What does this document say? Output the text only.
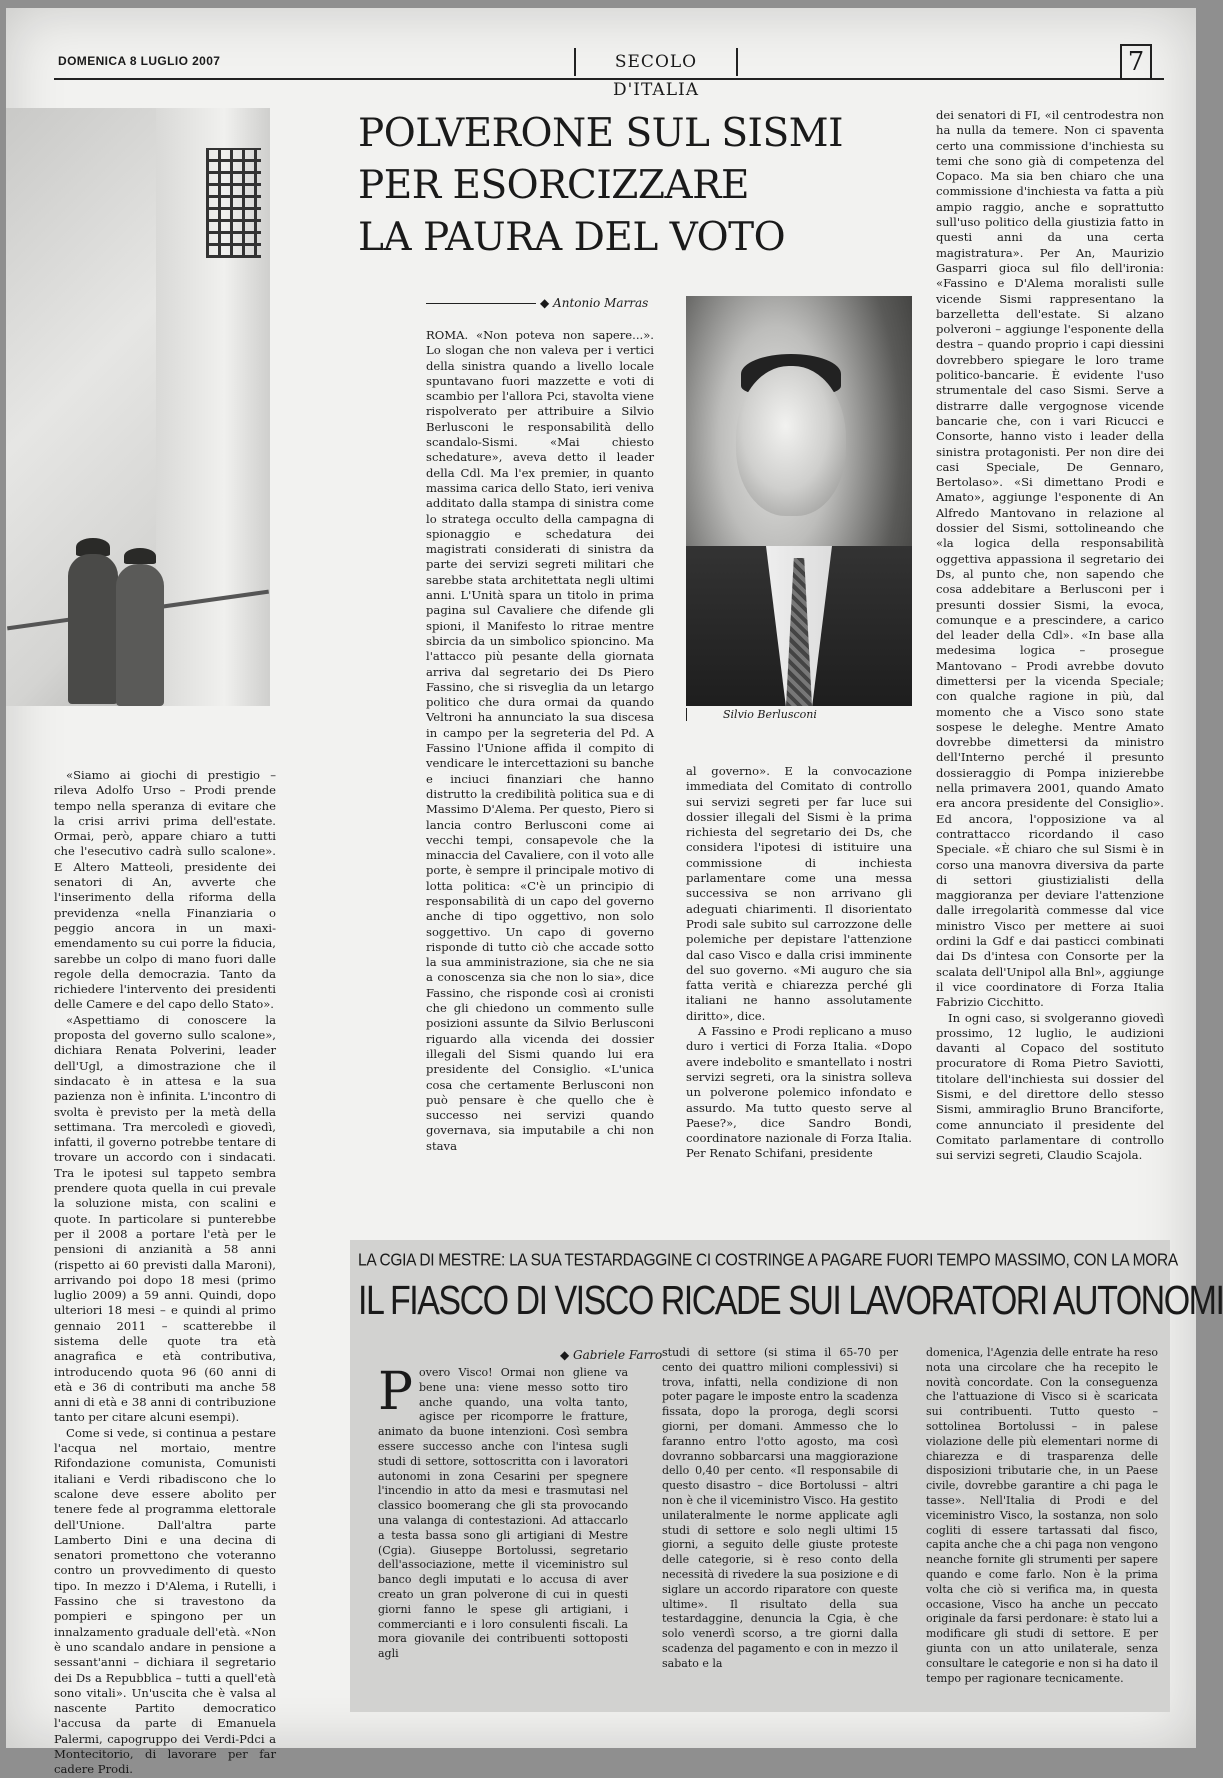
DOMENICA 8 LUGLIO 2007	SECOLO D'ITALIA
7
POLVERONE SUL SISMI
PER ESORCIZZARE
LA PAURA DEL VOTO
◆ Antonio Marras

ROMA. «Non poteva non sapere...». Lo slogan che non valeva per i vertici della sinistra quando a livello locale spuntavano fuori mazzette e voti di scambio per l'allora Pci, stavolta viene rispolverato per attribuire a Silvio Berlusconi le responsabilità dello scandalo-Sismi. «Mai chiesto schedature», aveva detto il leader della Cdl. Ma l'ex premier, in quanto massima carica dello Stato, ieri veniva additato dalla stampa di sinistra come lo stratega occulto della campagna di spionaggio e schedatura dei magistrati considerati di sinistra da parte dei servizi segreti militari che sarebbe stata architettata negli ultimi anni. L'Unità spara un titolo in prima pagina sul Cavaliere che difende gli spioni, il Manifesto lo ritrae mentre sbircia da un simbolico spioncino. Ma l'attacco più pesante della giornata arriva dal segretario dei Ds Piero Fassino, che si risveglia da un letargo politico che dura ormai da quando Veltroni ha annunciato la sua discesa in campo per la segreteria del Pd. A Fassino l'Unione affida il compito di vendicare le intercettazioni su banche e inciuci finanziari che hanno distrutto la credibilità politica sua e di Massimo D'Alema. Per questo, Piero si lancia contro Berlusconi come ai vecchi tempi, consapevole che la minaccia del Cavaliere, con il voto alle porte, è sempre il principale motivo di lotta politica: «C'è un principio di responsabilità di un capo del governo anche di tipo oggettivo, non solo soggettivo. Un capo di governo risponde di tutto ciò che accade sotto la sua amministrazione, sia che ne sia a conoscenza sia che non lo sia», dice Fassino, che risponde così ai cronisti che gli chiedono un commento sulle posizioni assunte da Silvio Berlusconi riguardo alla vicenda dei dossier illegali del Sismi quando lui era presidente del Consiglio. «L'unica cosa che certamente Berlusconi non può pensare è che quello che è successo nei servizi quando governava, sia imputabile a chi non stava

Silvio Berlusconi

al governo». E la convocazione immediata del Comitato di controllo sui servizi segreti per far luce sui dossier illegali del Sismi è la prima richiesta del segretario dei Ds, che considera l'ipotesi di istituire una commissione di inchiesta parlamentare come una messa successiva se non arrivano gli adeguati chiarimenti. Il disorientato Prodi sale subito sul carrozzone delle polemiche per depistare l'attenzione dal caso Visco e dalla crisi imminente del suo governo. «Mi auguro che sia fatta verità e chiarezza perché gli italiani ne hanno assolutamente diritto», dice.

A Fassino e Prodi replicano a muso duro i vertici di Forza Italia. «Dopo avere indebolito e smantellato i nostri servizi segreti, ora la sinistra solleva un polverone polemico infondato e assurdo. Ma tutto questo serve al Paese?», dice Sandro Bondi, coordinatore nazionale di Forza Italia. Per Renato Schifani, presidente

dei senatori di FI, «il centrodestra non ha nulla da temere. Non ci spaventa certo una commissione d'inchiesta su temi che sono già di competenza del Copaco. Ma sia ben chiaro che una commissione d'inchiesta va fatta a più ampio raggio, anche e soprattutto sull'uso politico della giustizia fatto in questi anni da una certa magistratura». Per An, Maurizio Gasparri gioca sul filo dell'ironia: «Fassino e D'Alema moralisti sulle vicende Sismi rappresentano la barzelletta dell'estate. Si alzano polveroni – aggiunge l'esponente della destra – quando proprio i capi diessini dovrebbero spiegare le loro trame politico-bancarie. È evidente l'uso strumentale del caso Sismi. Serve a distrarre dalle vergognose vicende bancarie che, con i vari Ricucci e Consorte, hanno visto i leader della sinistra protagonisti. Per non dire dei casi Speciale, De Gennaro, Bertolaso». «Si dimettano Prodi e Amato», aggiunge l'esponente di An Alfredo Mantovano in relazione al dossier del Sismi, sottolineando che «la logica della responsabilità oggettiva appassiona il segretario dei Ds, al punto che, non sapendo che cosa addebitare a Berlusconi per i presunti dossier Sismi, la evoca, comunque e a prescindere, a carico del leader della Cdl». «In base alla medesima logica – prosegue Mantovano – Prodi avrebbe dovuto dimettersi per la vicenda Speciale; con qualche ragione in più, dal momento che a Visco sono state sospese le deleghe. Mentre Amato dovrebbe dimettersi da ministro dell'Interno perché il presunto dossieraggio di Pompa inizierebbe nella primavera 2001, quando Amato era ancora presidente del Consiglio». Ed ancora, l'opposizione va al contrattacco ricordando il caso Speciale. «È chiaro che sul Sismi è in corso una manovra diversiva da parte di settori giustizialisti della maggioranza per deviare l'attenzione dalle irregolarità commesse dal vice ministro Visco per mettere ai suoi ordini la Gdf e dai pasticci combinati dai Ds d'intesa con Consorte per la scalata dell'Unipol alla Bnl», aggiunge il vice coordinatore di Forza Italia Fabrizio Cicchitto.

In ogni caso, si svolgeranno giovedì prossimo, 12 luglio, le audizioni davanti al Copaco del sostituto procuratore di Roma Pietro Saviotti, titolare dell'inchiesta sui dossier del Sismi, e del direttore dello stesso Sismi, ammiraglio Bruno Branciforte, come annunciato il presidente del Comitato parlamentare di controllo sui servizi segreti, Claudio Scajola.

«Siamo ai giochi di prestigio – rileva Adolfo Urso – Prodi prende tempo nella speranza di evitare che la crisi arrivi prima dell'estate. Ormai, però, appare chiaro a tutti che l'esecutivo cadrà sullo scalone». E Altero Matteoli, presidente dei senatori di An, avverte che l'inserimento della riforma della previdenza «nella Finanziaria o peggio ancora in un maxi-emendamento su cui porre la fiducia, sarebbe un colpo di mano fuori dalle regole della democrazia. Tanto da richiedere l'intervento dei presidenti delle Camere e del capo dello Stato».

«Aspettiamo di conoscere la proposta del governo sullo scalone», dichiara Renata Polverini, leader dell'Ugl, a dimostrazione che il sindacato è in attesa e la sua pazienza non è infinita. L'incontro di svolta è previsto per la metà della settimana. Tra mercoledì e giovedì, infatti, il governo potrebbe tentare di trovare un accordo con i sindacati. Tra le ipotesi sul tappeto sembra prendere quota quella in cui prevale la soluzione mista, con scalini e quote. In particolare si punterebbe per il 2008 a portare l'età per le pensioni di anzianità a 58 anni (rispetto ai 60 previsti dalla Maroni), arrivando poi dopo 18 mesi (primo luglio 2009) a 59 anni. Quindi, dopo ulteriori 18 mesi – e quindi al primo gennaio 2011 – scatterebbe il sistema delle quote tra età anagrafica e età contributiva, introducendo quota 96 (60 anni di età e 36 di contributi ma anche 58 anni di età e 38 anni di contribuzione tanto per citare alcuni esempi).

Come si vede, si continua a pestare l'acqua nel mortaio, mentre Rifondazione comunista, Comunisti italiani e Verdi ribadiscono che lo scalone deve essere abolito per tenere fede al programma elettorale dell'Unione. Dall'altra parte Lamberto Dini e una decina di senatori promettono che voteranno contro un provvedimento di questo tipo. In mezzo i D'Alema, i Rutelli, i Fassino che si travestono da pompieri e spingono per un innalzamento graduale dell'età. «Non è uno scandalo andare in pensione a sessant'anni – dichiara il segretario dei Ds a Repubblica – tutti a quell'età sono vitali». Un'uscita che è valsa al nascente Partito democratico l'accusa da parte di Emanuela Palermi, capogruppo dei Verdi-Pdci a Montecitorio, di lavorare per far cadere Prodi.

LA CGIA DI MESTRE: LA SUA TESTARDAGGINE CI COSTRINGE A PAGARE FUORI TEMPO MASSIMO, CON LA MORA
IL FIASCO DI VISCO RICADE SUI LAVORATORI AUTONOMI
◆ Gabriele Farro
P overo Visco! Ormai non gliene va bene una: viene messo sotto tiro anche quando, una volta tanto, agisce per ricomporre le fratture, animato da buone intenzioni. Così sembra essere successo anche con l'intesa sugli studi di settore, sottoscritta con i lavoratori autonomi in zona Cesarini per spegnere l'incendio in atto da mesi e trasmutasi nel classico boomerang che gli sta provocando una valanga di contestazioni. Ad attaccarlo a testa bassa sono gli artigiani di Mestre (Cgia). Giuseppe Bortolussi, segretario dell'associazione, mette il viceministro sul banco degli imputati e lo accusa di aver creato un gran polverone di cui in questi giorni fanno le spese gli artigiani, i commercianti e i loro consulenti fiscali. La mora giovanile dei contribuenti sottoposti agli

studi di settore (si stima il 65-70 per cento dei quattro milioni complessivi) si trova, infatti, nella condizione di non poter pagare le imposte entro la scadenza fissata, dopo la proroga, degli scorsi giorni, per domani. Ammesso che lo faranno entro l'otto agosto, ma così dovranno sobbarcarsi una maggiorazione dello 0,40 per cento. «Il responsabile di questo disastro – dice Bortolussi – altri non è che il viceministro Visco. Ha gestito unilateralmente le norme applicate agli studi di settore e solo negli ultimi 15 giorni, a seguito delle giuste proteste delle categorie, si è reso conto della necessità di rivedere la sua posizione e di siglare un accordo riparatore con queste ultime». Il risultato della sua testardaggine, denuncia la Cgia, è che solo venerdì scorso, a tre giorni dalla scadenza del pagamento e con in mezzo il sabato e la

domenica, l'Agenzia delle entrate ha reso nota una circolare che ha recepito le novità concordate. Con la conseguenza che l'attuazione di Visco si è scaricata sui contribuenti. Tutto questo – sottolinea Bortolussi – in palese violazione delle più elementari norme di chiarezza e di trasparenza delle disposizioni tributarie che, in un Paese civile, dovrebbe garantire a chi paga le tasse». Nell'Italia di Prodi e del viceministro Visco, la sostanza, non solo cogliti di essere tartassati dal fisco, capita anche che a chi paga non vengono neanche fornite gli strumenti per sapere quando e come farlo. Non è la prima volta che ciò si verifica ma, in questa occasione, Visco ha anche un peccato originale da farsi perdonare: è stato lui a modificare gli studi di settore. E per giunta con un atto unilaterale, senza consultare le categorie e non si ha dato il tempo per ragionare tecnicamente.
